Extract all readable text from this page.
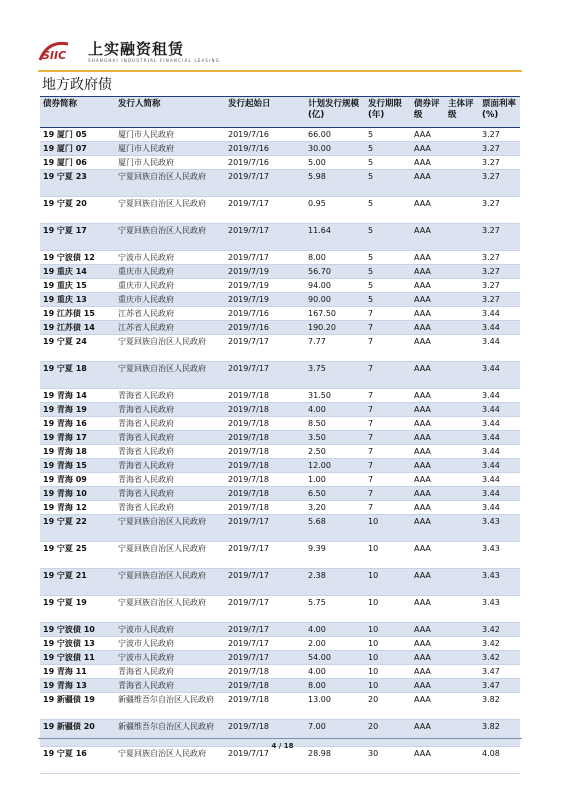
SIIC 上实融资租赁
SHANGHAI INDUSTRIAL FINANCIAL LEASING
地方政府债
债券简称	发行人简称	发行起始日	计划发行规模(亿)	发行期限(年)	债券评级	主体评级	票面利率(%)
19 厦门 05	厦门市人民政府	2019/7/16	66.00	5	AAA		3.27
19 厦门 07	厦门市人民政府	2019/7/16	30.00	5	AAA		3.27
19 厦门 06	厦门市人民政府	2019/7/16	5.00	5	AAA		3.27
19 宁夏 23	宁夏回族自治区人民政府	2019/7/17	5.98	5	AAA		3.27
19 宁夏 20	宁夏回族自治区人民政府	2019/7/17	0.95	5	AAA		3.27
19 宁夏 17	宁夏回族自治区人民政府	2019/7/17	11.64	5	AAA		3.27
19 宁波债 12	宁波市人民政府	2019/7/17	8.00	5	AAA		3.27
19 重庆 14	重庆市人民政府	2019/7/19	56.70	5	AAA		3.27
19 重庆 15	重庆市人民政府	2019/7/19	94.00	5	AAA		3.27
19 重庆 13	重庆市人民政府	2019/7/19	90.00	5	AAA		3.27
19 江苏债 15	江苏省人民政府	2019/7/16	167.50	7	AAA		3.44
19 江苏债 14	江苏省人民政府	2019/7/16	190.20	7	AAA		3.44
19 宁夏 24	宁夏回族自治区人民政府	2019/7/17	7.77	7	AAA		3.44
19 宁夏 18	宁夏回族自治区人民政府	2019/7/17	3.75	7	AAA		3.44
19 青海 14	青海省人民政府	2019/7/18	31.50	7	AAA		3.44
19 青海 19	青海省人民政府	2019/7/18	4.00	7	AAA		3.44
19 青海 16	青海省人民政府	2019/7/18	8.50	7	AAA		3.44
19 青海 17	青海省人民政府	2019/7/18	3.50	7	AAA		3.44
19 青海 18	青海省人民政府	2019/7/18	2.50	7	AAA		3.44
19 青海 15	青海省人民政府	2019/7/18	12.00	7	AAA		3.44
19 青海 09	青海省人民政府	2019/7/18	1.00	7	AAA		3.44
19 青海 10	青海省人民政府	2019/7/18	6.50	7	AAA		3.44
19 青海 12	青海省人民政府	2019/7/18	3.20	7	AAA		3.44
19 宁夏 22	宁夏回族自治区人民政府	2019/7/17	5.68	10	AAA		3.43
19 宁夏 25	宁夏回族自治区人民政府	2019/7/17	9.39	10	AAA		3.43
19 宁夏 21	宁夏回族自治区人民政府	2019/7/17	2.38	10	AAA		3.43
19 宁夏 19	宁夏回族自治区人民政府	2019/7/17	5.75	10	AAA		3.43
19 宁波债 10	宁波市人民政府	2019/7/17	4.00	10	AAA		3.42
19 宁波债 13	宁波市人民政府	2019/7/17	2.00	10	AAA		3.42
19 宁波债 11	宁波市人民政府	2019/7/17	54.00	10	AAA		3.42
19 青海 11	青海省人民政府	2019/7/18	4.00	10	AAA		3.47
19 青海 13	青海省人民政府	2019/7/18	8.00	10	AAA		3.47
19 新疆债 19	新疆维吾尔自治区人民政府	2019/7/18	13.00	20	AAA		3.82
19 新疆债 20	新疆维吾尔自治区人民政府	2019/7/18	7.00	20	AAA		3.82
19 宁夏 16	宁夏回族自治区人民政府	2019/7/17	28.98	30	AAA		4.08
4 / 18
